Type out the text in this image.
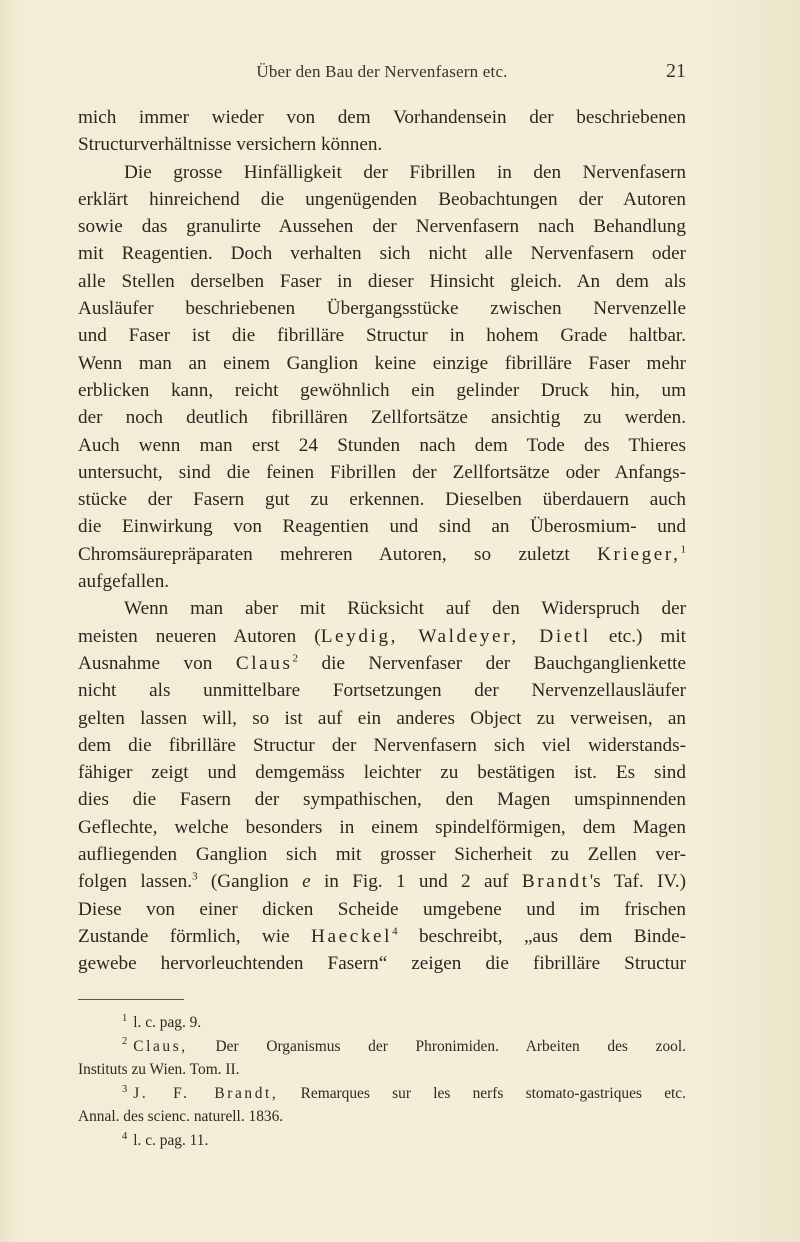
Über den Bau der Nervenfasern etc.	21
mich immer wieder von dem Vorhandensein der beschriebenen
Structurverhältnisse versichern können.
Die grosse Hinfälligkeit der Fibrillen in den Nervenfasern
erklärt hinreichend die ungenügenden Beobachtungen der Autoren
sowie das granulirte Aussehen der Nervenfasern nach Behandlung
mit Reagentien. Doch verhalten sich nicht alle Nervenfasern oder
alle Stellen derselben Faser in dieser Hinsicht gleich. An dem als
Ausläufer beschriebenen Übergangsstücke zwischen Nervenzelle
und Faser ist die fibrilläre Structur in hohem Grade haltbar.
Wenn man an einem Ganglion keine einzige fibrilläre Faser mehr
erblicken kann, reicht gewöhnlich ein gelinder Druck hin, um
der noch deutlich fibrillären Zellfortsätze ansichtig zu werden.
Auch wenn man erst 24 Stunden nach dem Tode des Thieres
untersucht, sind die feinen Fibrillen der Zellfortsätze oder Anfangs-
stücke der Fasern gut zu erkennen. Dieselben überdauern auch
die Einwirkung von Reagentien und sind an Überosmium- und
Chromsäurepräparaten mehreren Autoren, so zuletzt Krieger,$^1$
aufgefallen.
Wenn man aber mit Rücksicht auf den Widerspruch der
meisten neueren Autoren (Leydig, Waldeyer, Dietl etc.) mit
Ausnahme von Claus$^2$ die Nervenfaser der Bauchganglienkette
nicht als unmittelbare Fortsetzungen der Nervenzellausläufer
gelten lassen will, so ist auf ein anderes Object zu verweisen, an
dem die fibrilläre Structur der Nervenfasern sich viel widerstands-
fähiger zeigt und demgemäss leichter zu bestätigen ist. Es sind
dies die Fasern der sympathischen, den Magen umspinnenden
Geflechte, welche besonders in einem spindelförmigen, dem Magen
aufliegenden Ganglion sich mit grosser Sicherheit zu Zellen ver-
folgen lassen.$^3$ (Ganglion e in Fig. 1 und 2 auf Brandt's Taf. IV.)
Diese von einer dicken Scheide umgebene und im frischen
Zustande förmlich, wie Haeckel$^4$ beschreibt, „aus dem Binde-
gewebe hervorleuchtenden Fasern“ zeigen die fibrilläre Structur
$^1$ l. c. pag. 9.
$^2$ Claus, Der Organismus der Phronimiden. Arbeiten des zool.
Instituts zu Wien. Tom. II.
$^3$ J. F. Brandt, Remarques sur les nerfs stomato-gastriques etc.
Annal. des scienc. naturell. 1836.
$^4$ l. c. pag. 11.
